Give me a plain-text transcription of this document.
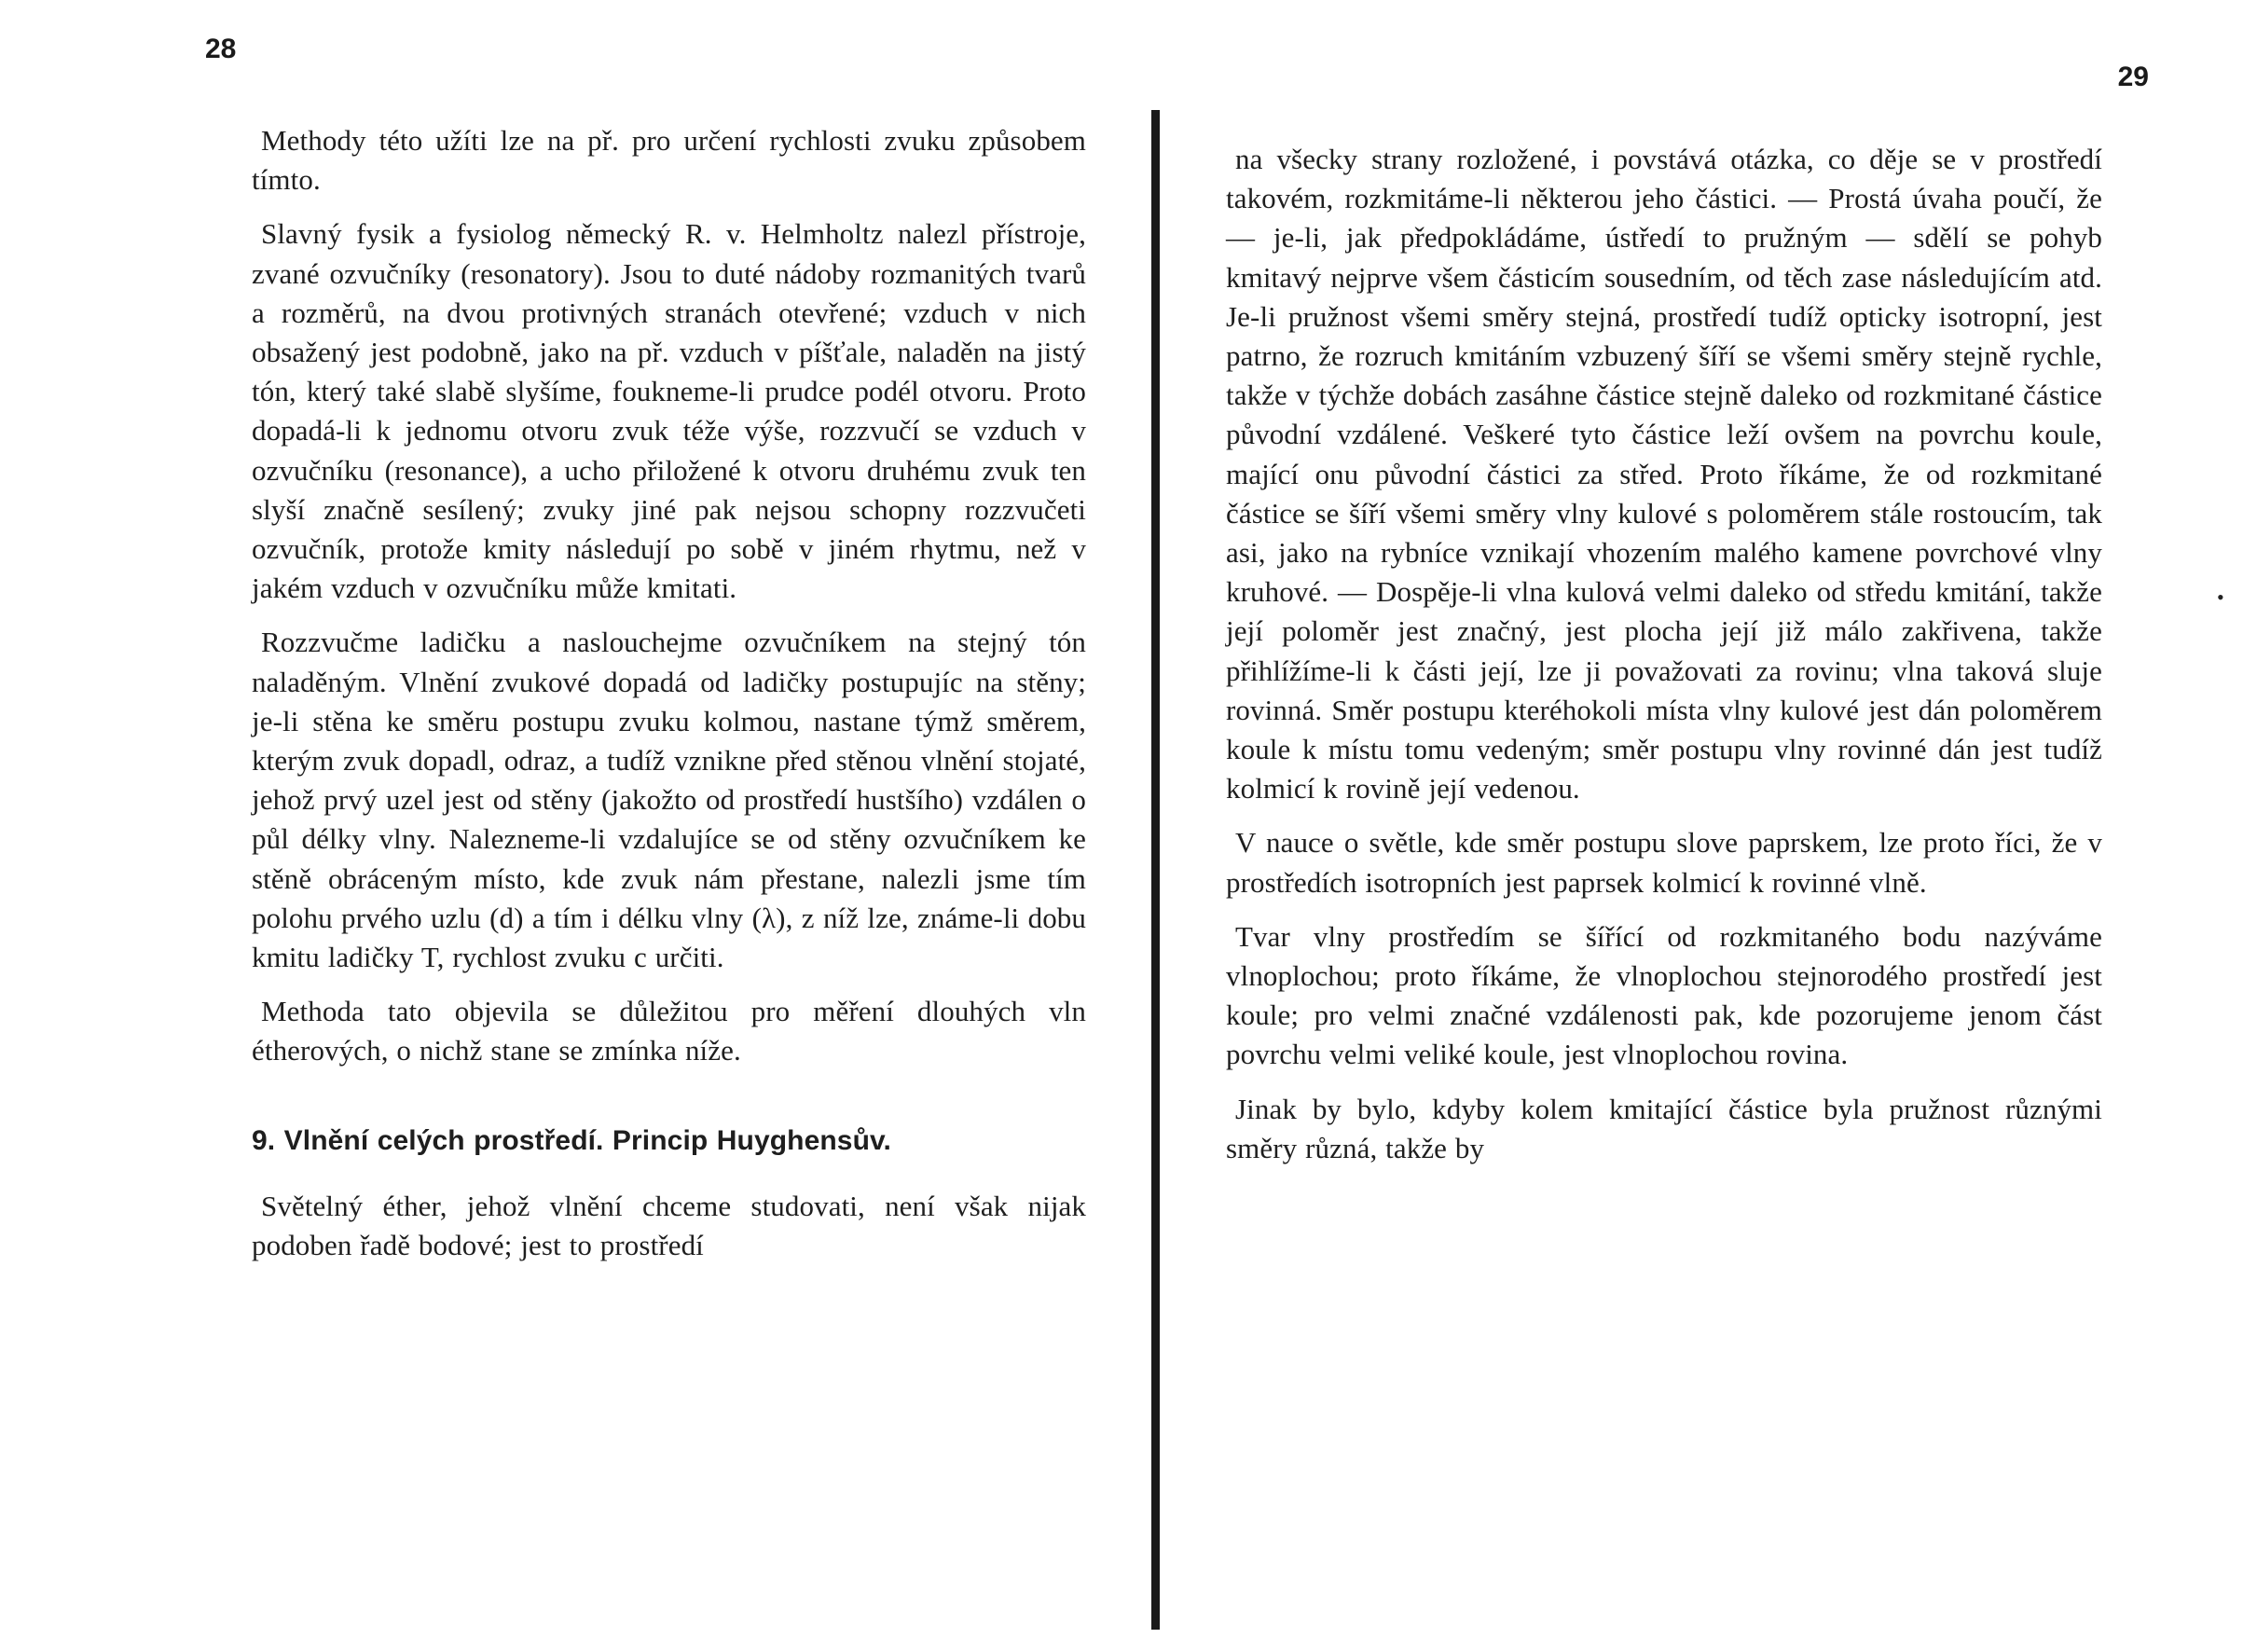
•
28

Methody této užíti lze na př. pro určení rychlosti zvuku způsobem tímto.

Slavný fysik a fysiolog německý R. v. Helmholtz nalezl přístroje, zvané ozvučníky (resonatory). Jsou to duté nádoby rozmanitých tvarů a rozměrů, na dvou protivných stranách otevřené; vzduch v nich obsažený jest podobně, jako na př. vzduch v píšťale, naladěn na jistý tón, který také slabě slyšíme, foukneme-li prudce podél otvoru. Proto dopadá-li k jednomu otvoru zvuk téže výše, rozzvučí se vzduch v ozvučníku (resonance), a ucho přiložené k otvoru druhému zvuk ten slyší značně sesílený; zvuky jiné pak nejsou schopny rozzvučeti ozvučník, protože kmity následují po sobě v jiném rhytmu, než v jakém vzduch v ozvučníku může kmitati.

Rozzvučme ladičku a naslouchejme ozvučníkem na stejný tón naladěným. Vlnění zvukové dopadá od ladičky postupujíc na stěny; je-li stěna ke směru postupu zvuku kolmou, nastane týmž směrem, kterým zvuk dopadl, odraz, a tudíž vznikne před stěnou vlnění stojaté, jehož prvý uzel jest od stěny (jakožto od prostředí hustšího) vzdálen o půl délky vlny. Nalezneme-li vzdalujíce se od stěny ozvučníkem ke stěně obráceným místo, kde zvuk nám přestane, nalezli jsme tím polohu prvého uzlu (d) a tím i délku vlny (λ), z níž lze, známe-li dobu kmitu ladičky T, rychlost zvuku c určiti.

Methoda tato objevila se důležitou pro měření dlouhých vln étherových, o nichž stane se zmínka níže.

9. Vlnění celých prostředí. Princip Huyghensův.

Světelný éther, jehož vlnění chceme studovati, není však nijak podoben řadě bodové; jest to prostředí

29

na všecky strany rozložené, i povstává otázka, co děje se v prostředí takovém, rozkmitáme-li některou jeho částici. — Prostá úvaha poučí, že — je-li, jak předpokládáme, ústředí to pružným — sdělí se pohyb kmitavý nejprve všem částicím sousedním, od těch zase následujícím atd. Je-li pružnost všemi směry stejná, prostředí tudíž opticky isotropní, jest patrno, že rozruch kmitáním vzbuzený šíří se všemi směry stejně rychle, takže v týchže dobách zasáhne částice stejně daleko od rozkmitané částice původní vzdálené. Veškeré tyto částice leží ovšem na povrchu koule, mající onu původní částici za střed. Proto říkáme, že od rozkmitané částice se šíří všemi směry vlny kulové s poloměrem stále rostoucím, tak asi, jako na rybníce vznikají vhozením malého kamene povrchové vlny kruhové. — Dospěje-li vlna kulová velmi daleko od středu kmitání, takže její poloměr jest značný, jest plocha její již málo zakřivena, takže přihlížíme-li k části její, lze ji považovati za rovinu; vlna taková sluje rovinná. Směr postupu kteréhokoli místa vlny kulové jest dán poloměrem koule k místu tomu vedeným; směr postupu vlny rovinné dán jest tudíž kolmicí k rovině její vedenou.

V nauce o světle, kde směr postupu slove paprskem, lze proto říci, že v prostředích isotropních jest paprsek kolmicí k rovinné vlně.

Tvar vlny prostředím se šířící od rozkmitaného bodu nazýváme vlnoplochou; proto říkáme, že vlnoplochou stejnorodého prostředí jest koule; pro velmi značné vzdálenosti pak, kde pozorujeme jenom část povrchu velmi veliké koule, jest vlnoplochou rovina.

Jinak by bylo, kdyby kolem kmitající částice byla pružnost různými směry různá, takže by
